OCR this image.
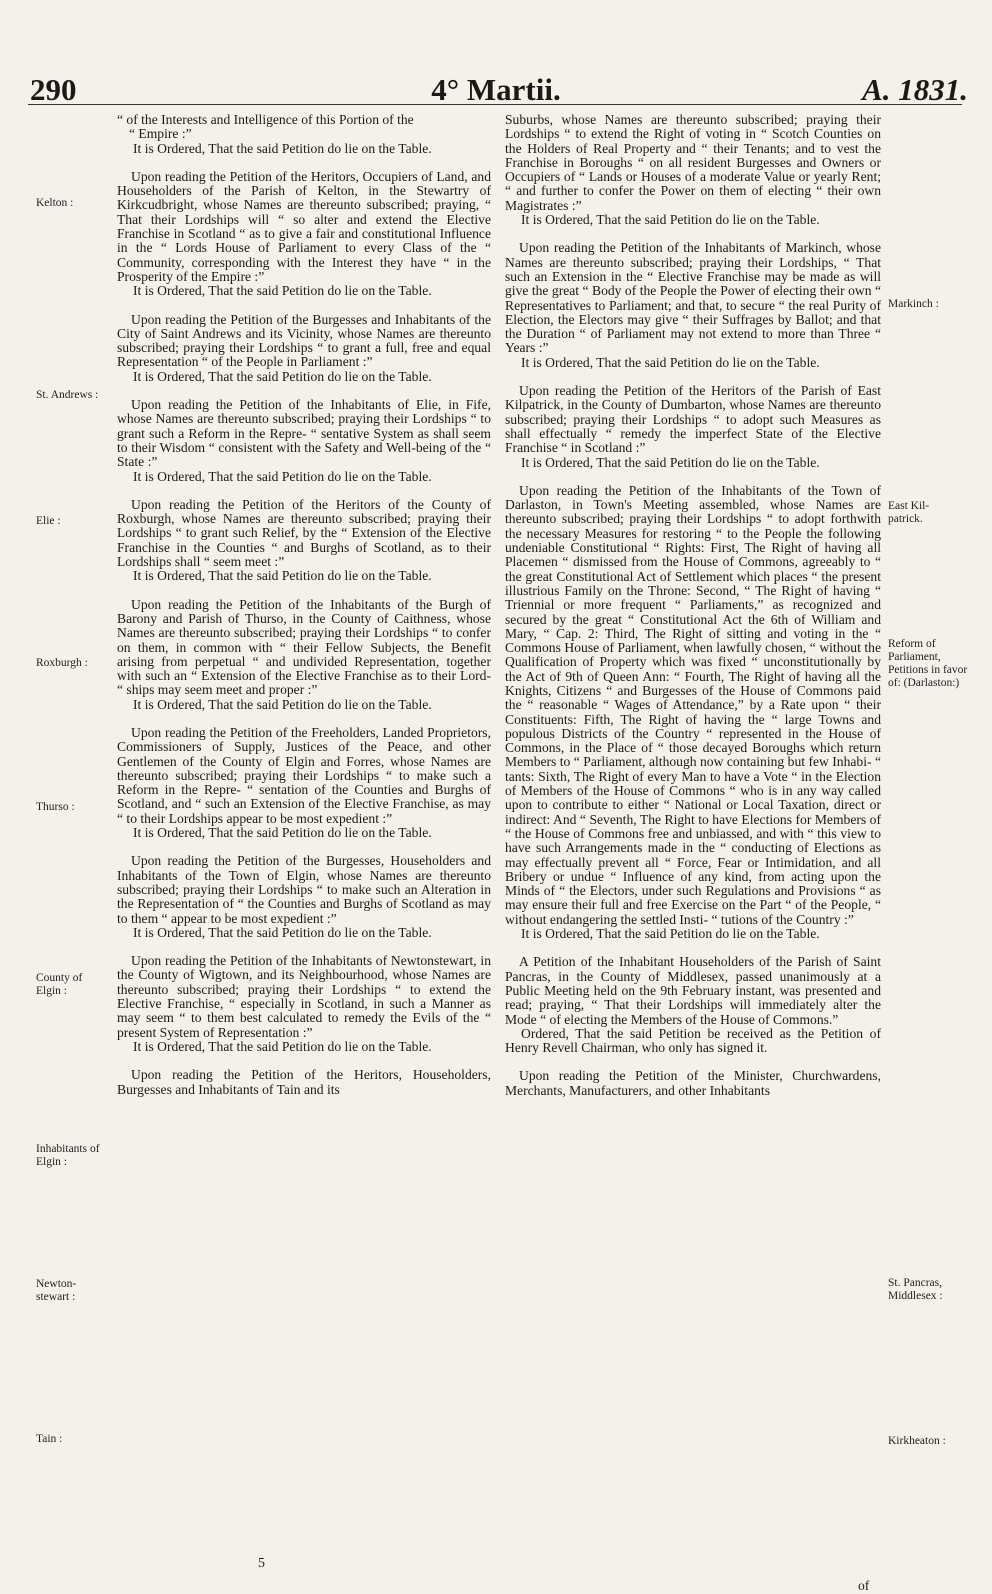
4° Martii.
290	A. 1831.
Kelton :
St. Andrews :
Elie :
Roxburgh :
Thurso :
County of Elgin :
Inhabitants of Elgin :
Newton-stewart :
Tain :
Markinch :
East Kil-patrick.
Reform of Parliament, Petitions in favor of: (Darlaston:)
St. Pancras, Middlesex :
Kirkheaton :
“ of the Interests and Intelligence of this Portion of the
“ Empire :”

It is Ordered, That the said Petition do lie on the Table.

Upon reading the Petition of the Heritors, Occupiers of Land, and Householders of the Parish of Kelton, in the Stewartry of Kirkcudbright, whose Names are thereunto subscribed; praying, “ That their Lordships will “ so alter and extend the Elective Franchise in Scotland “ as to give a fair and constitutional Influence in the “ Lords House of Parliament to every Class of the “ Community, corresponding with the Interest they have “ in the Prosperity of the Empire :”

It is Ordered, That the said Petition do lie on the Table.

Upon reading the Petition of the Burgesses and Inhabitants of the City of Saint Andrews and its Vicinity, whose Names are thereunto subscribed; praying their Lordships “ to grant a full, free and equal Representation “ of the People in Parliament :”

It is Ordered, That the said Petition do lie on the Table.

Upon reading the Petition of the Inhabitants of Elie, in Fife, whose Names are thereunto subscribed; praying their Lordships “ to grant such a Reform in the Repre- “ sentative System as shall seem to their Wisdom “ consistent with the Safety and Well-being of the “ State :”

It is Ordered, That the said Petition do lie on the Table.

Upon reading the Petition of the Heritors of the County of Roxburgh, whose Names are thereunto subscribed; praying their Lordships “ to grant such Relief, by the “ Extension of the Elective Franchise in the Counties “ and Burghs of Scotland, as to their Lordships shall “ seem meet :”

It is Ordered, That the said Petition do lie on the Table.

Upon reading the Petition of the Inhabitants of the Burgh of Barony and Parish of Thurso, in the County of Caithness, whose Names are thereunto subscribed; praying their Lordships “ to confer on them, in common with “ their Fellow Subjects, the Benefit arising from perpetual “ and undivided Representation, together with such an “ Extension of the Elective Franchise as to their Lord- “ ships may seem meet and proper :”

It is Ordered, That the said Petition do lie on the Table.

Upon reading the Petition of the Freeholders, Landed Proprietors, Commissioners of Supply, Justices of the Peace, and other Gentlemen of the County of Elgin and Forres, whose Names are thereunto subscribed; praying their Lordships “ to make such a Reform in the Repre- “ sentation of the Counties and Burghs of Scotland, and “ such an Extension of the Elective Franchise, as may “ to their Lordships appear to be most expedient :”

It is Ordered, That the said Petition do lie on the Table.

Upon reading the Petition of the Burgesses, Householders and Inhabitants of the Town of Elgin, whose Names are thereunto subscribed; praying their Lordships “ to make such an Alteration in the Representation of “ the Counties and Burghs of Scotland as may to them “ appear to be most expedient :”

It is Ordered, That the said Petition do lie on the Table.

Upon reading the Petition of the Inhabitants of Newtonstewart, in the County of Wigtown, and its Neighbourhood, whose Names are thereunto subscribed; praying their Lordships “ to extend the Elective Franchise, “ especially in Scotland, in such a Manner as may seem “ to them best calculated to remedy the Evils of the “ present System of Representation :”

It is Ordered, That the said Petition do lie on the Table.

Upon reading the Petition of the Heritors, Householders, Burgesses and Inhabitants of Tain and its

Suburbs, whose Names are thereunto subscribed; praying their Lordships “ to extend the Right of voting in “ Scotch Counties on the Holders of Real Property and “ their Tenants; and to vest the Franchise in Boroughs “ on all resident Burgesses and Owners or Occupiers of “ Lands or Houses of a moderate Value or yearly Rent; “ and further to confer the Power on them of electing “ their own Magistrates :”

It is Ordered, That the said Petition do lie on the Table.

Upon reading the Petition of the Inhabitants of Markinch, whose Names are thereunto subscribed; praying their Lordships, “ That such an Extension in the “ Elective Franchise may be made as will give the great “ Body of the People the Power of electing their own “ Representatives to Parliament; and that, to secure “ the real Purity of Election, the Electors may give “ their Suffrages by Ballot; and that the Duration “ of Parliament may not extend to more than Three “ Years :”

It is Ordered, That the said Petition do lie on the Table.

Upon reading the Petition of the Heritors of the Parish of East Kilpatrick, in the County of Dumbarton, whose Names are thereunto subscribed; praying their Lordships “ to adopt such Measures as shall effectually “ remedy the imperfect State of the Elective Franchise “ in Scotland :”

It is Ordered, That the said Petition do lie on the Table.

Upon reading the Petition of the Inhabitants of the Town of Darlaston, in Town's Meeting assembled, whose Names are thereunto subscribed; praying their Lordships “ to adopt forthwith the necessary Measures for restoring “ to the People the following undeniable Constitutional “ Rights: First, The Right of having all Placemen “ dismissed from the House of Commons, agreeably to “ the great Constitutional Act of Settlement which places “ the present illustrious Family on the Throne: Second, “ The Right of having “ Triennial or more frequent “ Parliaments,” as recognized and secured by the great “ Constitutional Act the 6th of William and Mary, “ Cap. 2: Third, The Right of sitting and voting in the “ Commons House of Parliament, when lawfully chosen, “ without the Qualification of Property which was fixed “ unconstitutionally by the Act of 9th of Queen Ann: “ Fourth, The Right of having all the Knights, Citizens “ and Burgesses of the House of Commons paid the “ reasonable “ Wages of Attendance,” by a Rate upon “ their Constituents: Fifth, The Right of having the “ large Towns and populous Districts of the Country “ represented in the House of Commons, in the Place of “ those decayed Boroughs which return Members to “ Parliament, although now containing but few Inhabi- “ tants: Sixth, The Right of every Man to have a Vote “ in the Election of Members of the House of Commons “ who is in any way called upon to contribute to either “ National or Local Taxation, direct or indirect: And “ Seventh, The Right to have Elections for Members of “ the House of Commons free and unbiassed, and with “ this view to have such Arrangements made in the “ conducting of Elections as may effectually prevent all “ Force, Fear or Intimidation, and all Bribery or undue “ Influence of any kind, from acting upon the Minds of “ the Electors, under such Regulations and Provisions “ as may ensure their full and free Exercise on the Part “ of the People, “ without endangering the settled Insti- “ tutions of the Country :”

It is Ordered, That the said Petition do lie on the Table.

A Petition of the Inhabitant Householders of the Parish of Saint Pancras, in the County of Middlesex, passed unanimously at a Public Meeting held on the 9th February instant, was presented and read; praying, “ That their Lordships will immediately alter the Mode “ of electing the Members of the House of Commons.”

Ordered, That the said Petition be received as the Petition of Henry Revell Chairman, who only has signed it.

Upon reading the Petition of the Minister, Churchwardens, Merchants, Manufacturers, and other Inhabitants

5
of
